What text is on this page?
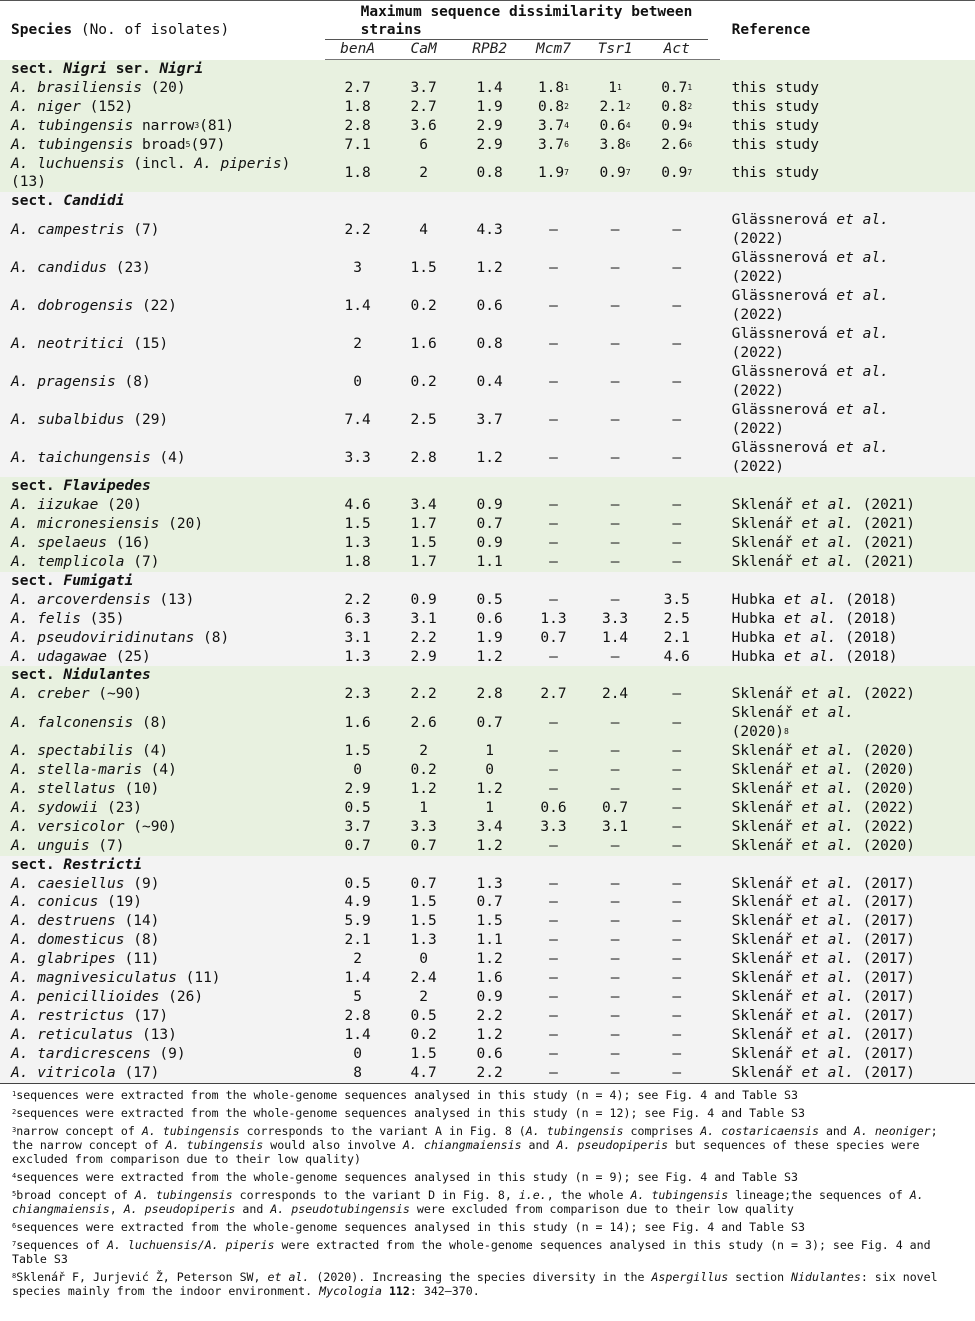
Species (No. of isolates)	Maximum sequence dissimilarity between
strains							Reference
	benA	CaM	RPB2	Mcm7	Tsr1	Act		
sect. Nigri ser. Nigri								
A. brasiliensis (20)	2.7	3.7	1.4	$1.8^1$	$1^1$	$0.7^1$		this study
A. niger (152)	1.8	2.7	1.9	$0.8^2$	$2.1^2$	$0.8^2$		this study
A. tubingensis narrow$^3$(81)	2.8	3.6	2.9	$3.7^4$	$0.6^4$	$0.9^4$		this study
A. tubingensis broad$^5$(97)	7.1	6	2.9	$3.7^6$	$3.8^6$	$2.6^6$		this study
A. luchuensis (incl. A. piperis) (13)	1.8	2	0.8	$1.9^7$	$0.9^7$	$0.9^7$		this study
sect. Candidi								
A. campestris (7)	2.2	4	4.3	–	–	–		Glässnerová et al.
(2022)
A. candidus (23)	3	1.5	1.2	–	–	–		Glässnerová et al.
(2022)
A. dobrogensis (22)	1.4	0.2	0.6	–	–	–		Glässnerová et al.
(2022)
A. neotritici (15)	2	1.6	0.8	–	–	–		Glässnerová et al.
(2022)
A. pragensis (8)	0	0.2	0.4	–	–	–		Glässnerová et al.
(2022)
A. subalbidus (29)	7.4	2.5	3.7	–	–	–		Glässnerová et al.
(2022)
A. taichungensis (4)	3.3	2.8	1.2	–	–	–		Glässnerová et al.
(2022)
sect. Flavipedes								
A. iizukae (20)	4.6	3.4	0.9	–	–	–		Sklenář et al. (2021)
A. micronesiensis (20)	1.5	1.7	0.7	–	–	–		Sklenář et al. (2021)
A. spelaeus (16)	1.3	1.5	0.9	–	–	–		Sklenář et al. (2021)
A. templicola (7)	1.8	1.7	1.1	–	–	–		Sklenář et al. (2021)
sect. Fumigati								
A. arcoverdensis (13)	2.2	0.9	0.5	–	–	3.5		Hubka et al. (2018)
A. felis (35)	6.3	3.1	0.6	1.3	3.3	2.5		Hubka et al. (2018)
A. pseudoviridinutans (8)	3.1	2.2	1.9	0.7	1.4	2.1		Hubka et al. (2018)
A. udagawae (25)	1.3	2.9	1.2	–	–	4.6		Hubka et al. (2018)
sect. Nidulantes								
A. creber (~90)	2.3	2.2	2.8	2.7	2.4	–		Sklenář et al. (2022)
A. falconensis (8)	1.6	2.6	0.7	–	–	–		Sklenář et al.
$(2020)^8$
A. spectabilis (4)	1.5	2	1	–	–	–		Sklenář et al. (2020)
A. stella-maris (4)	0	0.2	0	–	–	–		Sklenář et al. (2020)
A. stellatus (10)	2.9	1.2	1.2	–	–	–		Sklenář et al. (2020)
A. sydowii (23)	0.5	1	1	0.6	0.7	–		Sklenář et al. (2022)
A. versicolor (~90)	3.7	3.3	3.4	3.3	3.1	–		Sklenář et al. (2022)
A. unguis (7)	0.7	0.7	1.2	–	–	–		Sklenář et al. (2020)
sect. Restricti								
A. caesiellus (9)	0.5	0.7	1.3	–	–	–		Sklenář et al. (2017)
A. conicus (19)	4.9	1.5	0.7	–	–	–		Sklenář et al. (2017)
A. destruens (14)	5.9	1.5	1.5	–	–	–		Sklenář et al. (2017)
A. domesticus (8)	2.1	1.3	1.1	–	–	–		Sklenář et al. (2017)
A. glabripes (11)	2	0	1.2	–	–	–		Sklenář et al. (2017)
A. magnivesiculatus (11)	1.4	2.4	1.6	–	–	–		Sklenář et al. (2017)
A. penicillioides (26)	5	2	0.9	–	–	–		Sklenář et al. (2017)
A. restrictus (17)	2.8	0.5	2.2	–	–	–		Sklenář et al. (2017)
A. reticulatus (13)	1.4	0.2	1.2	–	–	–		Sklenář et al. (2017)
A. tardicrescens (9)	0	1.5	0.6	–	–	–		Sklenář et al. (2017)
A. vitricola (17)	8	4.7	2.2	–	–	–		Sklenář et al. (2017)
$^1$sequences were extracted from the whole-genome sequences analysed in this study (n = 4); see Fig. 4 and Table S3
$^2$sequences were extracted from the whole-genome sequences analysed in this study (n = 12); see Fig. 4 and Table S3
$^3$narrow concept of A. tubingensis corresponds to the variant A in Fig. 8 (A. tubingensis comprises A. costaricaensis and A. neoniger; the narrow concept of A. tubingensis would also involve A. chiangmaiensis and A. pseudopiperis but sequences of these species were excluded from comparison due to their low quality)
$^4$sequences were extracted from the whole-genome sequences analysed in this study (n = 9); see Fig. 4 and Table S3
$^5$broad concept of A. tubingensis corresponds to the variant D in Fig. 8, i.e., the whole A. tubingensis lineage;the sequences of A. chiangmaiensis, A. pseudopiperis and A. pseudotubingensis were excluded from comparison due to their low quality
$^6$sequences were extracted from the whole-genome sequences analysed in this study (n = 14); see Fig. 4 and Table S3
$^7$sequences of A. luchuensis/A. piperis were extracted from the whole-genome sequences analysed in this study (n = 3); see Fig. 4 and Table S3
$^8$Sklenář F, Jurjević Ž, Peterson SW, et al. (2020). Increasing the species diversity in the Aspergillus section Nidulantes: six novel species mainly from the indoor environment. Mycologia 112: 342–370.
